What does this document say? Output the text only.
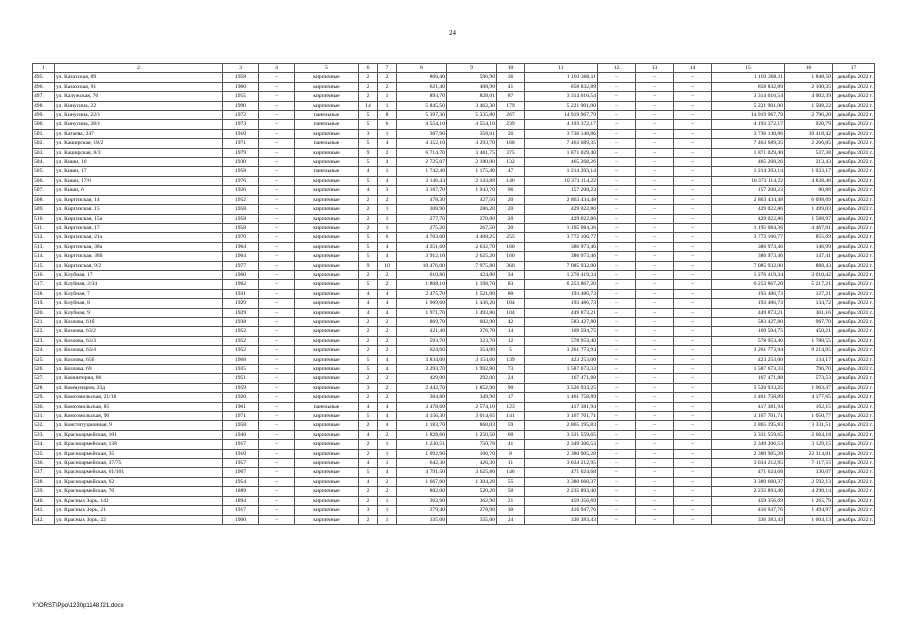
24
1	2	3	4	5	6	7	8	9	10	11	12	13	14	15	16	17
495.	ул. Казахская, 89	1958	–	кирпичные	2	2	866,40	596,90	36	1 103 368,11	–	–	–	1 103 368,11	1 848,50	декабрь 2022 г.
496.	ул. Казахская, 91	1960	–	кирпичные	2	2	621,40	408,90	41	858 832,89	–	–	–	858 832,89	2 100,35	декабрь 2022 г.
497.	ул. Калужская, 76	1955	–	кирпичные	2	1	893,70	828,01	87	3 314 016,54	–	–	–	3 314 016,54	4 002,39	декабрь 2022 г.
498.	ул. Кинусина, 22	1990	–	кирпичные	14	1	5 845,50	3 462,30	179	5 221 901,00	–	–	–	5 221 901,00	1 508,22	декабрь 2022 г.
499.	ул. Кинусина, 22/1	1972	–	панельные	5	8	5 397,30	5 335,80	267	14 919 967,79	–	–	–	14 919 967,79	2 796,20	декабрь 2022 г.
500.	ул. Кинусина, 28/1	1973	–	панельные	5	6	4 554,10	4 554,10	239	4 193 372,17	–	–	–	4 193 372,17	920,79	декабрь 2022 г.
501.	ул. Катаева, 247	1910	–	кирпичные	3	1	387,90	358,61	26	3 736 148,86	–	–	–	3 736 148,86	10 418,42	декабрь 2022 г.
502.	ул. Каширская, 18/2	1971	–	панельные	5	4	4 352,10	3 293,70	168	7 463 689,35	–	–	–	7 463 689,35	2 266,05	декабрь 2022 г.
503.	ул. Каширская, 8/3	1979	–	кирпичные	9	2	6 714,70	3 481,75	375	1 871 029,40	–	–	–	1 871 029,40	537,38	декабрь 2022 г.
504.	ул. Киши, 10	1930	–	кирпичные	5	4	2 725,07	2 180,00	132	465 268,26	–	–	–	465 268,26	213,43	декабрь 2022 г.
505.	ул. Киши, 17	1958	–	панельные	4	1	1 742,40	1 175,40	47	1 214 393,14	–	–	–	1 214 393,14	1 033,17	декабрь 2022 г.
506.	ул. Киши, 17/6	1976	–	кирпичные	5	4	3 146,43	2 143,88	146	10 373 114,22	–	–	–	10 373 114,22	4 838,48	декабрь 2022 г.
507.	ул. Киши, 6	1926	–	кирпичные	4	3	3 187,70	1 943,70	96	157 208,23	–	–	–	157 208,23	80,88	декабрь 2022 г.
508.	ул. Киргизская, 14	1952	–	кирпичные	2	2	478,30	427,50	20	2 863 434,48	–	–	–	2 863 434,48	6 698,09	декабрь 2022 г.
509.	ул. Киргизская, 15	1958	–	кирпичные	2	1	308,90	286,20	20	429 022,86	–	–	–	429 022,86	1 499,03	декабрь 2022 г.
510.	ул. Киргизская, 15а	1958	–	кирпичные	2	1	277,70	270,00	20	429 022,86	–	–	–	429 022,86	1 588,97	декабрь 2022 г.
511.	ул. Киргизская, 17	1958	–	кирпичные	2	1	275,20	267,50	20	1 195 084,36	–	–	–	1 195 084,36	4 467,61	декабрь 2022 г.
512.	ул. Киргизская, 21а	1970	–	кирпичные	5	6	4 703,00	4 408,25	255	3 772 106,77	–	–	–	3 772 106,77	855,69	декабрь 2022 г.
513.	ул. Киргизская, 38а	1964	–	кирпичные	5	4	4 251,60	2 632,70	160	386 973,46	–	–	–	386 973,46	146,99	декабрь 2022 г.
514.	ул. Киргизская, 38б	1964	–	кирпичные	5	4	3 912,10	2 625,20	160	386 973,46	–	–	–	386 973,46	147,41	декабрь 2022 г.
515.	ул. Киргизская, 9/2	1977	–	кирпичные	9	10	10 476,00	7 975,80	360	7 085 932,00	–	–	–	7 085 932,00	888,43	декабрь 2022 г.
516.	ул. Клубная, 17	1960	–	кирпичные	2	2	610,80	424,00	34	1 276 419,34	–	–	–	1 276 419,34	3 010,42	декабрь 2022 г.
517.	ул. Клубная, 2/34	1962	–	кирпичные	5	2	1 868,10	1 198,70	83	6 253 867,20	–	–	–	6 253 867,20	5 217,21	декабрь 2022 г.
518.	ул. Клубная, 7	1931	–	кирпичные	4	4	2 475,70	1 521,00	80	193 486,73	–	–	–	193 486,73	127,21	декабрь 2022 г.
519.	ул. Клубная, 8	1929	–	кирпичные	4	4	1 969,60	1 436,20	104	193 486,73	–	–	–	193 486,73	134,72	декабрь 2022 г.
520.	ул. Клубная, 9	1929	–	кирпичные	4	4	1 971,70	1 493,80	104	449 873,21	–	–	–	449 873,21	301,16	декабрь 2022 г.
521.	ул. Козлова, 61б	1938	–	кирпичные	2	2	869,70	602,90	42	583 427,80	–	–	–	583 427,80	967,70	декабрь 2022 г.
522.	ул. Козлова, 63/2	1952	–	кирпичные	2	2	421,40	376,70	14	169 594,75	–	–	–	169 594,75	450,21	декабрь 2022 г.
523.	ул. Козлова, 63/3	1952	–	кирпичные	2	2	593,70	323,70	12	578 953,40	–	–	–	578 953,40	1 788,55	декабрь 2022 г.
524.	ул. Козлова, 63/4	1952	–	кирпичные	2	2	624,00	354,00	5	3 261 773,94	–	–	–	3 261 773,94	9 214,05	декабрь 2022 г.
525.	ул. Козлова, 65б	1968	–	кирпичные	5	4	3 834,00	3 154,60	139	423 253,00	–	–	–	423 253,00	134,17	декабрь 2022 г.
526.	ул. Козлова, 69	1935	–	кирпичные	5	4	3 293,70	1 992,80	73	1 587 673,33	–	–	–	1 587 673,33	796,70	декабрь 2022 г.
527.	ул. Коминтерна, 86	1951	–	кирпичные	2	2	429,00	292,00	24	167 471,88	–	–	–	167 471,88	573,53	декабрь 2022 г.
528.	ул. Коммунаров, 33д	1959	–	кирпичные	3	2	2 442,70	1 852,90	90	3 526 933,25	–	–	–	3 526 933,25	1 903,47	декабрь 2022 г.
529.	ул. Комсомольская, 21/18	1920	–	кирпичные	2	2	384,80	349,90	17	1 461 758,89	–	–	–	1 461 758,89	4 177,65	декабрь 2022 г.
530.	ул. Комсомольская, 85	1961	–	панельные	4	4	3 478,60	2 574,10	123	417 381,94	–	–	–	417 381,94	162,15	декабрь 2022 г.
531.	ул. Комсомольская, 96	1971	–	кирпичные	5	4	4 156,30	3 014,65	141	3 167 701,71	–	–	–	3 167 701,71	1 050,77	декабрь 2022 г.
532.	ул. Конституционная, 9	1958	–	кирпичные	2	4	1 183,70	860,03	59	2 865 195,83	–	–	–	2 865 195,83	3 331,51	декабрь 2022 г.
533.	ул. Красноармейская, 101	1940	–	кирпичные	4	2	1 828,60	1 250,50	60	3 331 559,65	–	–	–	3 331 559,65	2 664,18	декабрь 2022 г.
534.	ул. Красноармейская, 138	1917	–	кирпичные	2	1	1 230,51	750,78	41	2 349 306,53	–	–	–	2 349 306,53	3 129,15	декабрь 2022 г.
535.	ул. Красноармейская, 35	1910	–	кирпичные	2	1	1 092,90	106,70	8	2 380 905,28	–	–	–	2 380 905,28	22 314,01	декабрь 2022 г.
536.	ул. Красноармейская, 37/75	1957	–	кирпичные	4	1	642,30	426,30	11	3 034 212,95	–	–	–	3 034 212,95	7 117,55	декабрь 2022 г.
537.	ул. Красноармейская, 61/101	1967	–	кирпичные	5	4	4 791,50	3 625,80	146	471 624,68	–	–	–	471 624,68	130,07	декабрь 2022 г.
538.	ул. Красноармейская, 62	1954	–	кирпичные	4	2	1 667,60	1 304,20	55	3 380 660,37	–	–	–	3 380 660,37	2 592,13	декабрь 2022 г.
539.	ул. Красноармейская, 70	1889	–	кирпичные	2	2	882,00	520,20	50	2 235 893,40	–	–	–	2 235 893,40	4 298,14	декабрь 2022 г.
540.	ул. Красных Зорь, 142	1894	–	кирпичные	2	1	363,90	362,90	21	459 356,69	–	–	–	459 356,69	1 265,79	декабрь 2022 г.
541.	ул. Красных Зорь, 21	1917	–	кирпичные	3	1	279,40	278,90	30	416 947,76	–	–	–	416 947,76	1 494,97	декабрь 2022 г.
542.	ул. Красных Зорь, 22	1900	–	кирпичные	2	1	335,00	335,00	24	336 383,43	–	–	–	336 383,43	1 004,13	декабрь 2022 г.
Y:\ORST\Ppo\1230p1148.f21.docx
